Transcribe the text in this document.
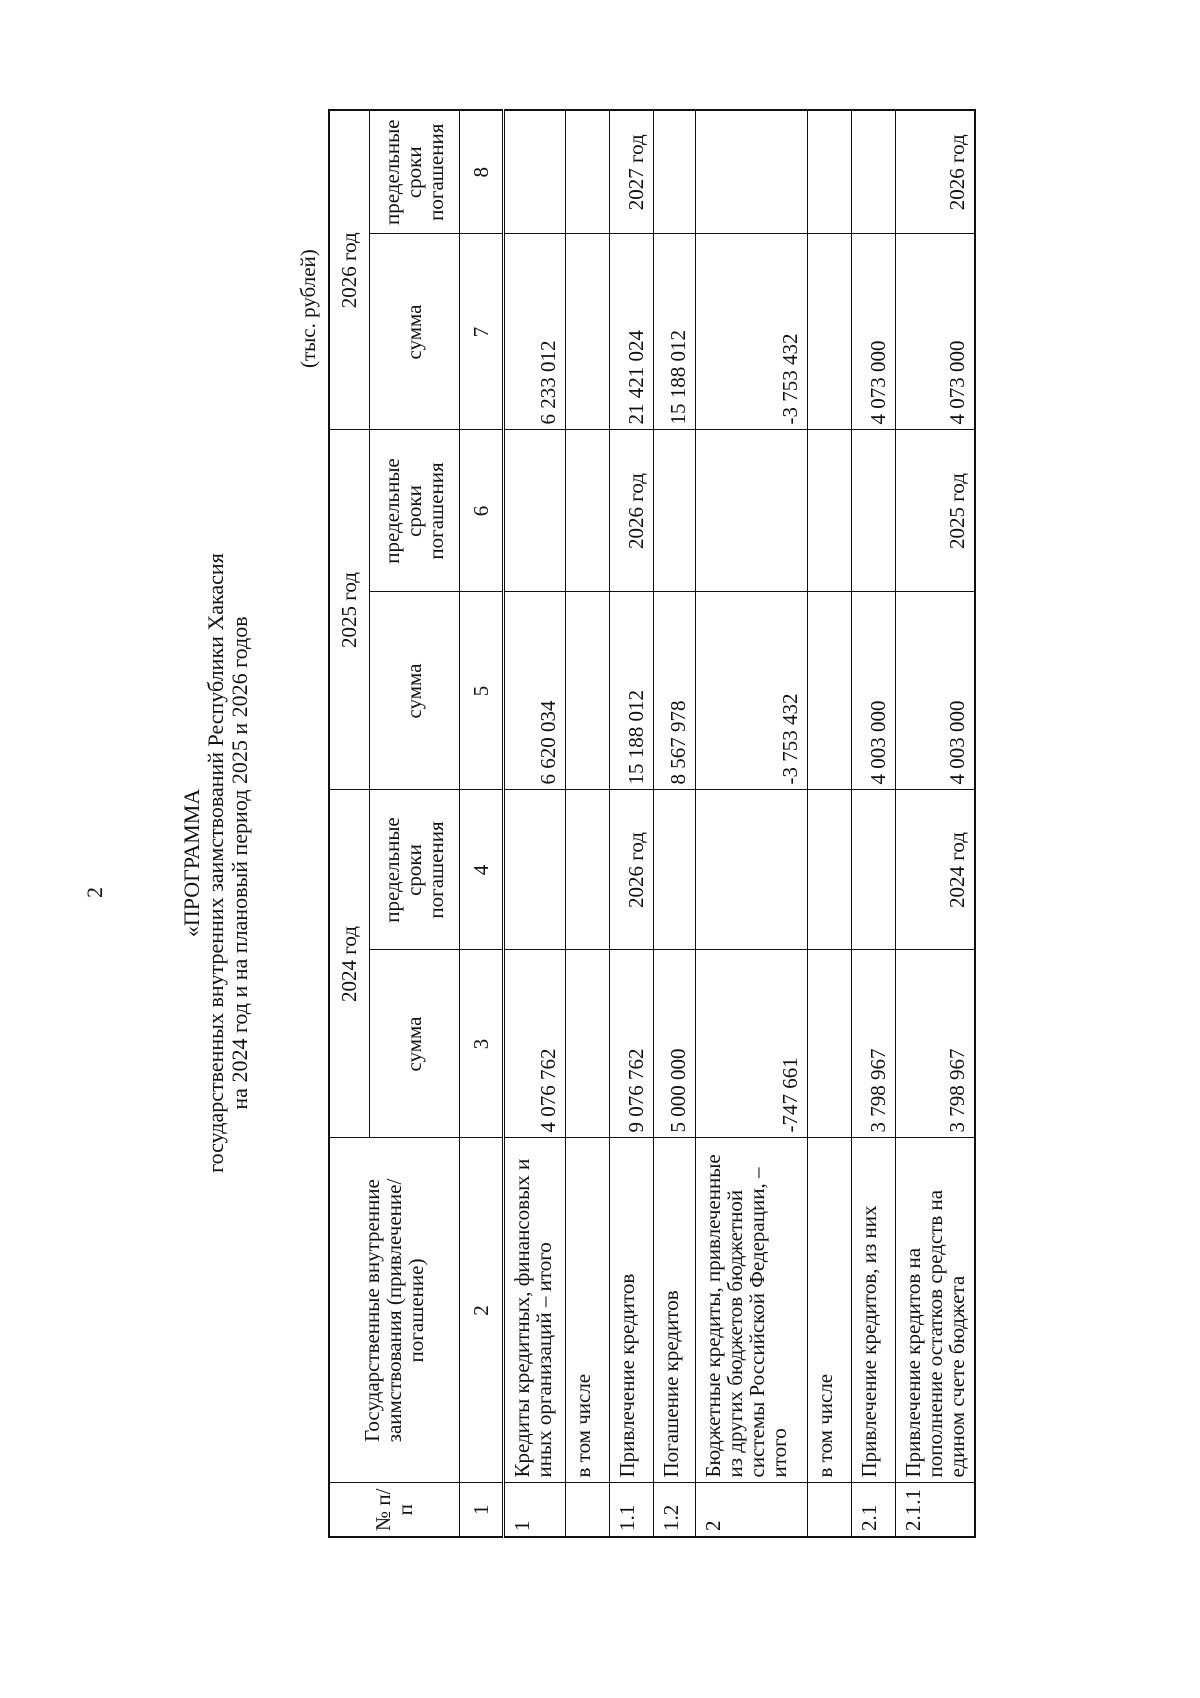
2	«ПРОГРАММА государственных внутренних заимствований Республики Хакасия на 2024 год и на плановый период 2025 и 2026 годов
(тыс. рублей)
№ п/п	Государственные внутренние заимствования (привлечение/погашение)	2024 год		2025 год		2026 год	
		сумма	предельные сроки погашения	сумма	предельные сроки погашения	сумма	предельные сроки погашения
1	2	3	4	5	6	7	8
1	Кредиты кредитных, финансовых и иных организаций – итого	4 076 762		6 620 034		6 233 012	
	в том числе						
1.1	Привлечение кредитов	9 076 762	2026 год	15 188 012	2026 год	21 421 024	2027 год
1.2	Погашение кредитов	5 000 000		8 567 978		15 188 012	
2	Бюджетные кредиты, привлеченные из других бюджетов бюджетной системы Российской Федерации, – итого	-747 661		-3 753 432		-3 753 432	
	в том числе						
2.1	Привлечение кредитов, из них	3 798 967		4 003 000		4 073 000	
2.1.1	Привлечение кредитов на пополнение остатков средств на едином счете бюджета	3 798 967	2024 год	4 003 000	2025 год	4 073 000	2026 год
